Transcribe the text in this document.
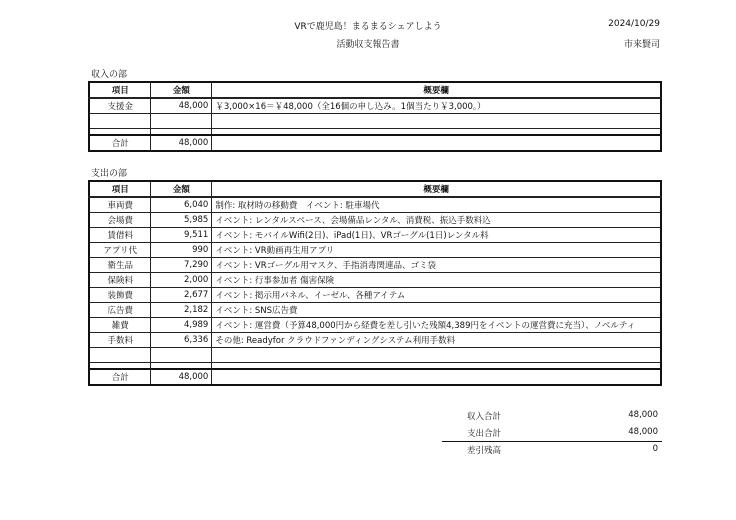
VRで鹿児島！まるまるシェアしよう
活動収支報告書
2024/10/29
市来賢司
収入の部
項目	金額	概要欄
支援金	48,000	￥3,000×16＝￥48,000（全16個の申し込み。1個当たり￥3,000。）

合計	48,000	
支出の部
項目	金額	概要欄
車両費	6,040	制作: 取材時の移動費　イベント: 駐車場代
会場費	5,985	イベント: レンタルスペース、会場備品レンタル、消費税、振込手数料込
賃借料	9,511	イベント: モバイルWifi(2日)、iPad(1日)、VRゴーグル(1日)レンタル料
アプリ代	990	イベント: VR動画再生用アプリ
衛生品	7,290	イベント: VRゴーグル用マスク、手指消毒関連品、ゴミ袋
保険料	2,000	イベント: 行事参加者 傷害保険
装飾費	2,677	イベント: 掲示用パネル、イーゼル、各種アイテム
広告費	2,182	イベント: SNS広告費
雑費	4,989	イベント: 運営費（予算48,000円から経費を差し引いた残額4,389円をイベントの運営費に充当）、ノベルティ
手数料	6,336	その他: Readyfor クラウドファンディングシステム利用手数料

合計	48,000	
収入合計	48,000
支出合計	48,000
差引残高	0
